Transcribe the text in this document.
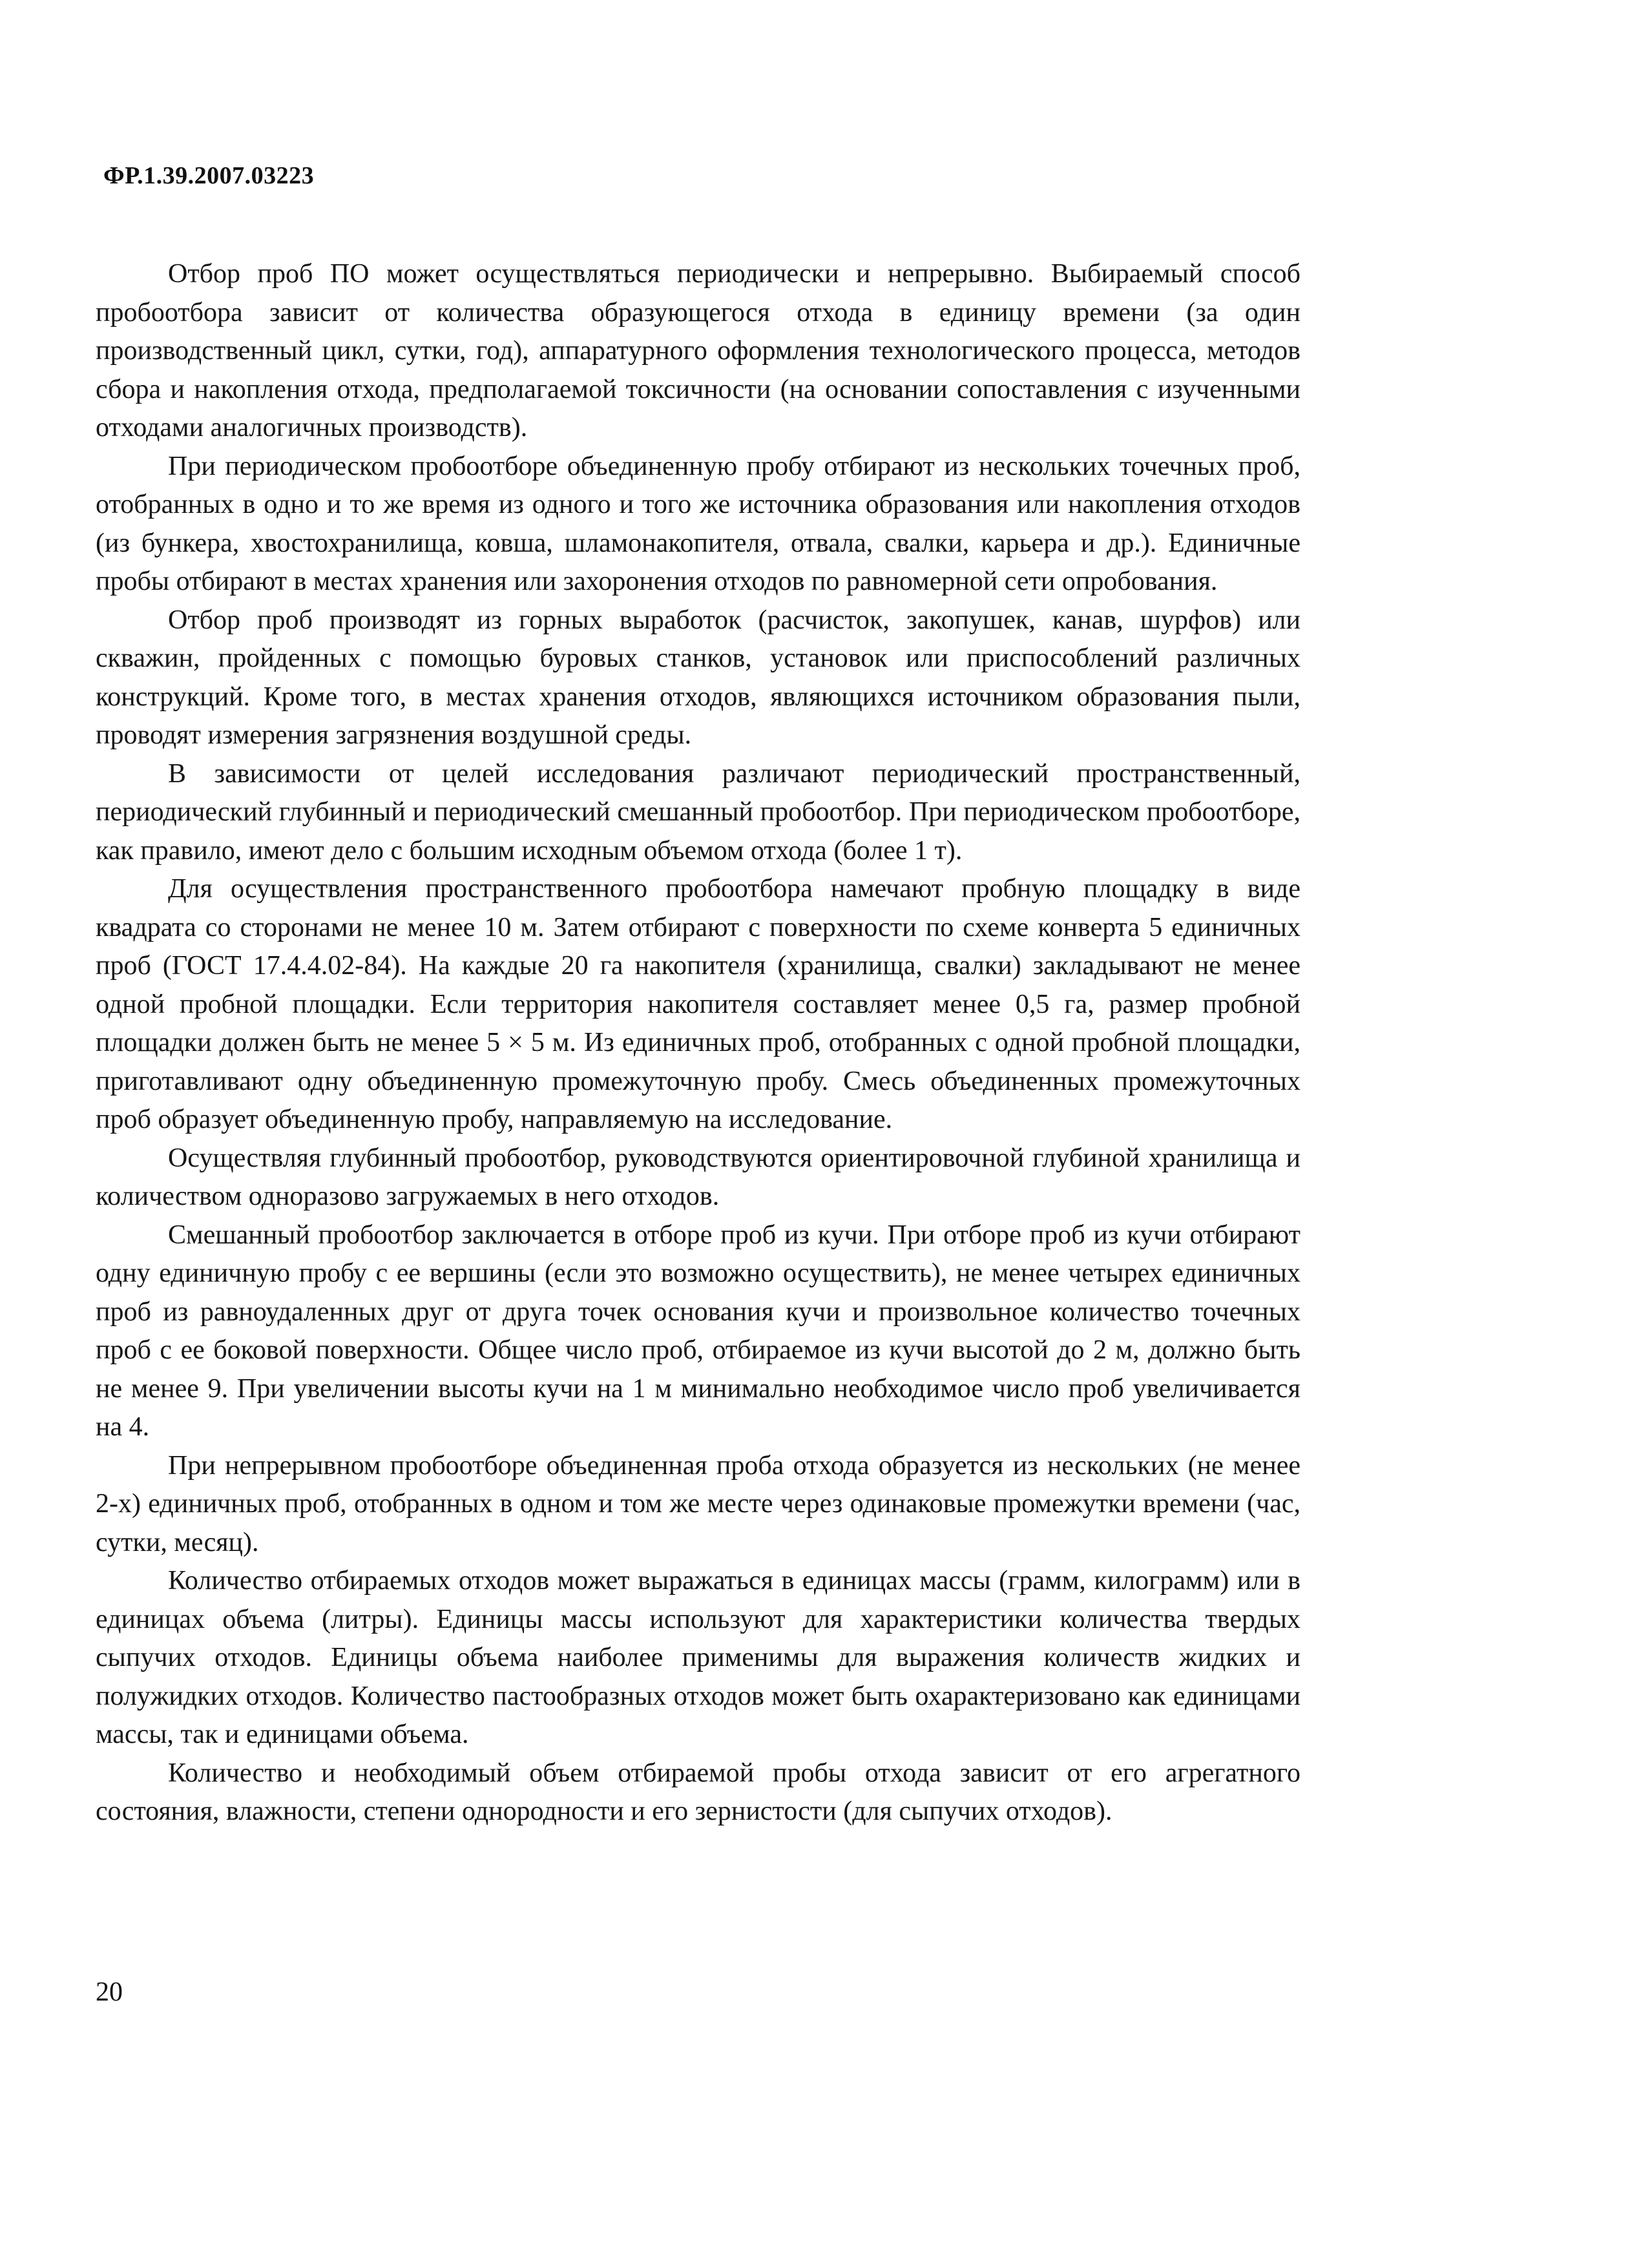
ФР.1.39.2007.03223

Отбор проб ПО может осуществляться периодически и непрерывно. Выбираемый способ пробоотбора зависит от количества образующегося отхода в единицу времени (за один производственный цикл, сутки, год), аппаратурного оформления технологического процесса, методов сбора и накопления отхода, предполагаемой токсичности (на основании сопоставления с изученными отходами аналогичных производств).

При периодическом пробоотборе объединенную пробу отбирают из нескольких точечных проб, отобранных в одно и то же время из одного и того же источника образования или накопления отходов (из бункера, хвостохранилища, ковша, шламонакопителя, отвала, свалки, карьера и др.). Единичные пробы отбирают в местах хранения или захоронения отходов по равномерной сети опробования.

Отбор проб производят из горных выработок (расчисток, закопушек, канав, шурфов) или скважин, пройденных с помощью буровых станков, установок или приспособлений различных конструкций. Кроме того, в местах хранения отходов, являющихся источником образования пыли, проводят измерения загрязнения воздушной среды.

В зависимости от целей исследования различают периодический пространственный, периодический глубинный и периодический смешанный пробоотбор. При периодическом пробоотборе, как правило, имеют дело с большим исходным объемом отхода (более 1 т).

Для осуществления пространственного пробоотбора намечают пробную площадку в виде квадрата со сторонами не менее 10 м. Затем отбирают с поверхности по схеме конверта 5 единичных проб (ГОСТ 17.4.4.02-84). На каждые 20 га накопителя (хранилища, свалки) закладывают не менее одной пробной площадки. Если территория накопителя составляет менее 0,5 га, размер пробной площадки должен быть не менее 5 × 5 м. Из единичных проб, отобранных с одной пробной площадки, приготавливают одну объединенную промежуточную пробу. Смесь объединенных промежуточных проб образует объединенную пробу, направляемую на исследование.

Осуществляя глубинный пробоотбор, руководствуются ориентировочной глубиной хранилища и количеством одноразово загружаемых в него отходов.

Смешанный пробоотбор заключается в отборе проб из кучи. При отборе проб из кучи отбирают одну единичную пробу с ее вершины (если это возможно осуществить), не менее четырех единичных проб из равноудаленных друг от друга точек основания кучи и произвольное количество точечных проб с ее боковой поверхности. Общее число проб, отбираемое из кучи высотой до 2 м, должно быть не менее 9. При увеличении высоты кучи на 1 м минимально необходимое число проб увеличивается на 4.

При непрерывном пробоотборе объединенная проба отхода образуется из нескольких (не менее 2-х) единичных проб, отобранных в одном и том же месте через одинаковые промежутки времени (час, сутки, месяц).

Количество отбираемых отходов может выражаться в единицах массы (грамм, килограмм) или в единицах объема (литры). Единицы массы используют для характеристики количества твердых сыпучих отходов. Единицы объема наиболее применимы для выражения количеств жидких и полужидких отходов. Количество пастообразных отходов может быть охарактеризовано как единицами массы, так и единицами объема.

Количество и необходимый объем отбираемой пробы отхода зависит от его агрегатного состояния, влажности, степени однородности и его зернистости (для сыпучих отходов).

20
